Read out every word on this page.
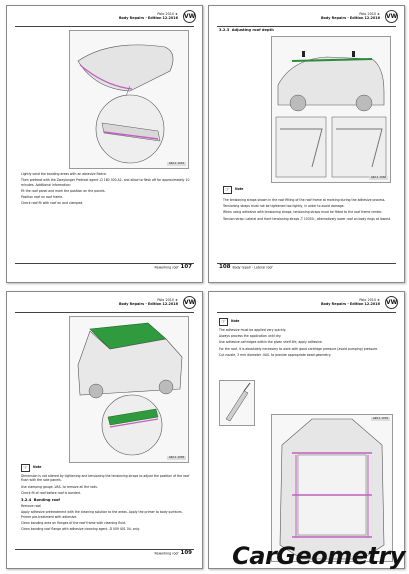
Polo 2010 ➤
Body Repairs - Edition 12.2016 VW
A60-1 1034
Lightly sand the bonding areas with an abrasive fleece.
Then pretreat with the Zwaylanger Pretreat agent -D 180 300 A2- and allow to flash off for approximately 10 minutes. Additional information:
Fit the roof panel and mark the position on the panels.
Position roof on roof frame.
Check roof fit with roof on and clamped.
Reworking roof 107
Polo 2010 ➤
Body Repairs - Edition 12.2016 VW
3.2.3 Adjusting roof depth
A60-1 1036
☞	Note
The tensioning straps shown in the roof fitting of the roof frame at marking during the adhesive process.
Tensioning straps must not be tightened too tightly, in order to avoid damage.
When using adhesive with tensioning straps, tensioning straps must be fitted to the roof frame center.
Tension strap: Lateral and front tensioning straps -T 10350-, alternatively lower roof on body rings at lowest.
108 Body repair - Lateral roof
Polo 2010 ➤
Body Repairs - Edition 12.2016 VW
A60-1 1038
☞	Note
Dimension is not altered by tightening and tensioning the tensioning straps to adjust the position of the roof flush with the side panels.
Use clamping gauge -VAS- to remove all the rods.
Check fit of roof before roof is bonded.
3.2.4 Bonding roof
Remove roof.
Apply adhesive pretreatment with the cleaning solution to the areas. Apply the primer to body surfaces. Primer pre-treatment with adhesive.
Clean bonding area on flanges of the roof frame with cleaning fluid.
Clean bonding roof flange with adhesive cleaning agent -D 009 401 04- only.
Reworking roof 109
Polo 2010 ➤
Body Repairs - Edition 12.2016 VW
☞	Note
The adhesive must be applied very quickly.
Always process the application until dry.
Use adhesive cartridges within the given shelf life, apply adhesive.
For the roof, it is absolutely necessary to work with good cartridge pressure (avoid pumping) pressure.
Cut nozzle, 3 mm diameter -VAS- to provide appropriate bead geometry.
A60-1 1039
CarGeometry
